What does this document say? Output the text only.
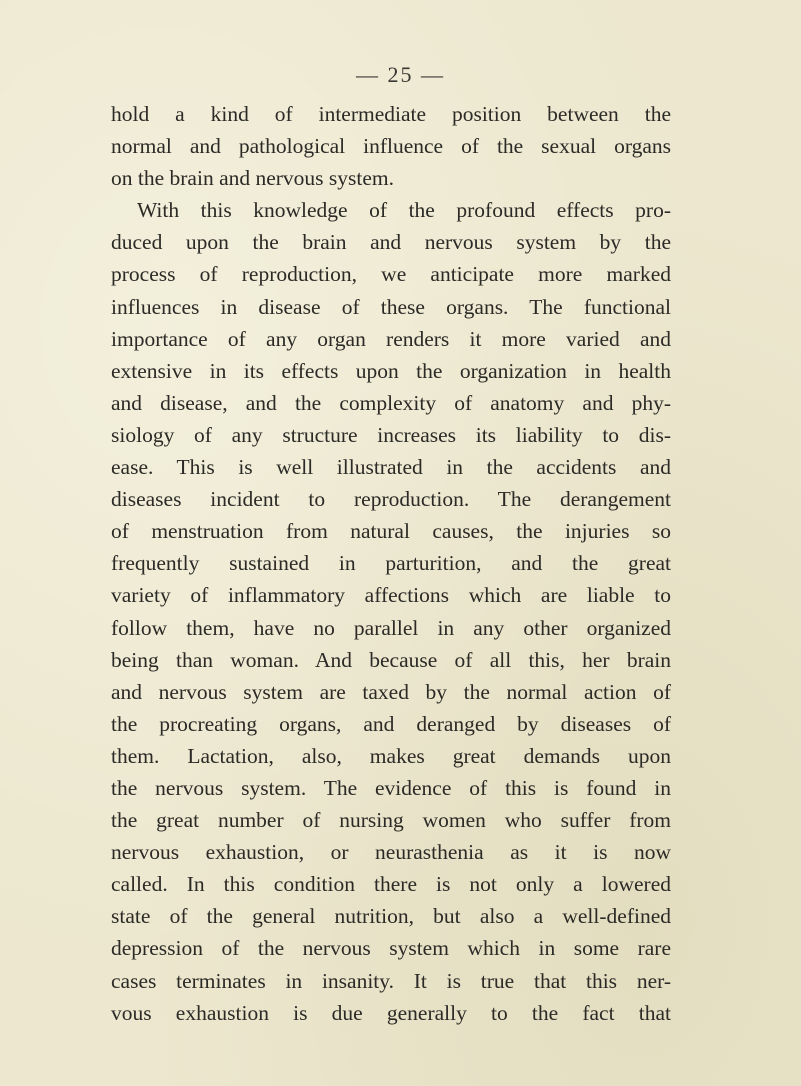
— 25 —
hold a kind of intermediate position between the
normal and pathological influence of the sexual organs
on the brain and nervous system.
With this knowledge of the profound effects pro-
duced upon the brain and nervous system by the
process of reproduction, we anticipate more marked
influences in disease of these organs. The functional
importance of any organ renders it more varied and
extensive in its effects upon the organization in health
and disease, and the complexity of anatomy and phy-
siology of any structure increases its liability to dis-
ease. This is well illustrated in the accidents and
diseases incident to reproduction. The derangement
of menstruation from natural causes, the injuries so
frequently sustained in parturition, and the great
variety of inflammatory affections which are liable to
follow them, have no parallel in any other organized
being than woman. And because of all this, her brain
and nervous system are taxed by the normal action of
the procreating organs, and deranged by diseases of
them. Lactation, also, makes great demands upon
the nervous system. The evidence of this is found in
the great number of nursing women who suffer from
nervous exhaustion, or neurasthenia as it is now
called. In this condition there is not only a lowered
state of the general nutrition, but also a well-defined
depression of the nervous system which in some rare
cases terminates in insanity. It is true that this ner-
vous exhaustion is due generally to the fact that
